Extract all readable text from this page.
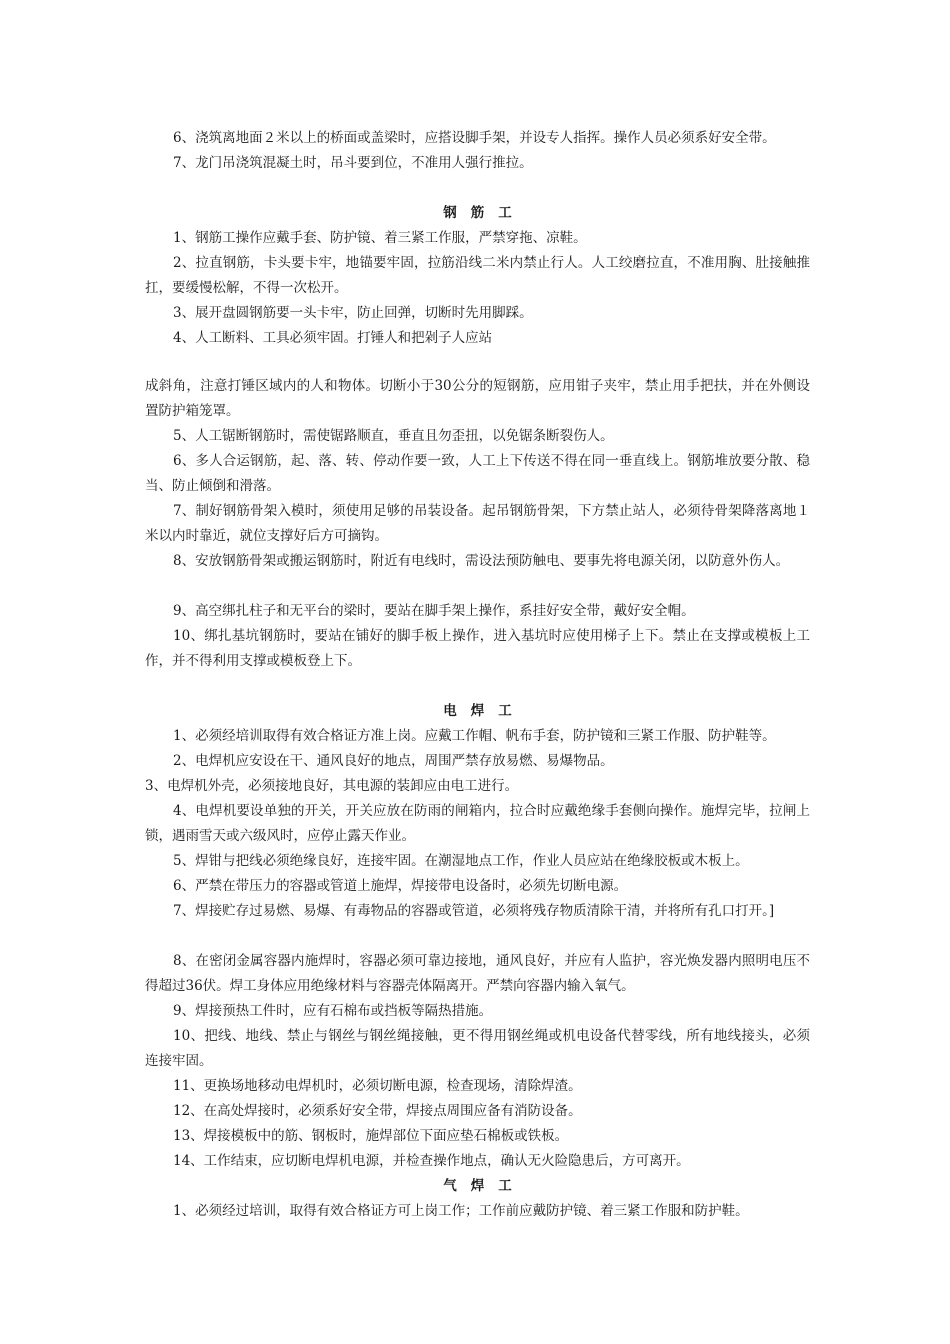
6、浇筑离地面２米以上的桥面或盖梁时，应搭设脚手架，并设专人指挥。操作人员必须系好安全带。
7、龙门吊浇筑混凝土时，吊斗要到位，不准用人强行推拉。
钢筋工
1、钢筋工操作应戴手套、防护镜、着三紧工作服，严禁穿拖、凉鞋。
2、拉直钢筋，卡头要卡牢，地锚要牢固，拉筋沿线二米内禁止行人。人工绞磨拉直，不准用胸、肚接触推扛，要缓慢松解，不得一次松开。
3、展开盘圆钢筋要一头卡牢，防止回弹，切断时先用脚踩。
4、人工断料、工具必须牢固。打锤人和把剁子人应站
成斜角，注意打锤区域内的人和物体。切断小于30公分的短钢筋，应用钳子夹牢，禁止用手把扶，并在外侧设置防护箱笼罩。
5、人工锯断钢筋时，需使锯路顺直，垂直且勿歪扭，以免锯条断裂伤人。
6、多人合运钢筋，起、落、转、停动作要一致，人工上下传送不得在同一垂直线上。钢筋堆放要分散、稳当、防止倾倒和滑落。
7、制好钢筋骨架入模时，须使用足够的吊装设备。起吊钢筋骨架，下方禁止站人，必须待骨架降落离地１米以内时靠近，就位支撑好后方可摘钩。
8、安放钢筋骨架或搬运钢筋时，附近有电线时，需设法预防触电、要事先将电源关闭，以防意外伤人。
9、高空绑扎柱子和无平台的梁时，要站在脚手架上操作，系挂好安全带，戴好安全帽。
10、绑扎基坑钢筋时，要站在铺好的脚手板上操作，进入基坑时应使用梯子上下。禁止在支撑或模板上工作，并不得利用支撑或模板登上下。
电焊工
1、必须经培训取得有效合格证方准上岗。应戴工作帽、帆布手套，防护镜和三紧工作服、防护鞋等。
2、电焊机应安设在干、通风良好的地点，周围严禁存放易燃、易爆物品。
3、电焊机外壳，必须接地良好，其电源的装卸应由电工进行。
4、电焊机要设单独的开关，开关应放在防雨的闸箱内，拉合时应戴绝缘手套侧向操作。施焊完毕，拉闸上锁，遇雨雪天或六级风时，应停止露天作业。
5、焊钳与把线必须绝缘良好，连接牢固。在潮湿地点工作，作业人员应站在绝缘胶板或木板上。
6、严禁在带压力的容器或管道上施焊，焊接带电设备时，必须先切断电源。
7、焊接贮存过易燃、易爆、有毒物品的容器或管道，必须将残存物质清除干清，并将所有孔口打开。]
8、在密闭金属容器内施焊时，容器必须可靠边接地，通风良好，并应有人监护，容光焕发器内照明电压不得超过36伏。焊工身体应用绝缘材料与容器壳体隔离开。严禁向容器内输入氧气。
9、焊接预热工件时，应有石棉布或挡板等隔热措施。
10、把线、地线、禁止与钢丝与钢丝绳接触，更不得用钢丝绳或机电设备代替零线，所有地线接头，必须连接牢固。
11、更换场地移动电焊机时，必须切断电源，检查现场，清除焊渣。
12、在高处焊接时，必须系好安全带，焊接点周围应备有消防设备。
13、焊接模板中的筋、钢板时，施焊部位下面应垫石棉板或铁板。
14、工作结束，应切断电焊机电源，并检查操作地点，确认无火险隐患后，方可离开。
气焊工
1、必须经过培训，取得有效合格证方可上岗工作；工作前应戴防护镜、着三紧工作服和防护鞋。
